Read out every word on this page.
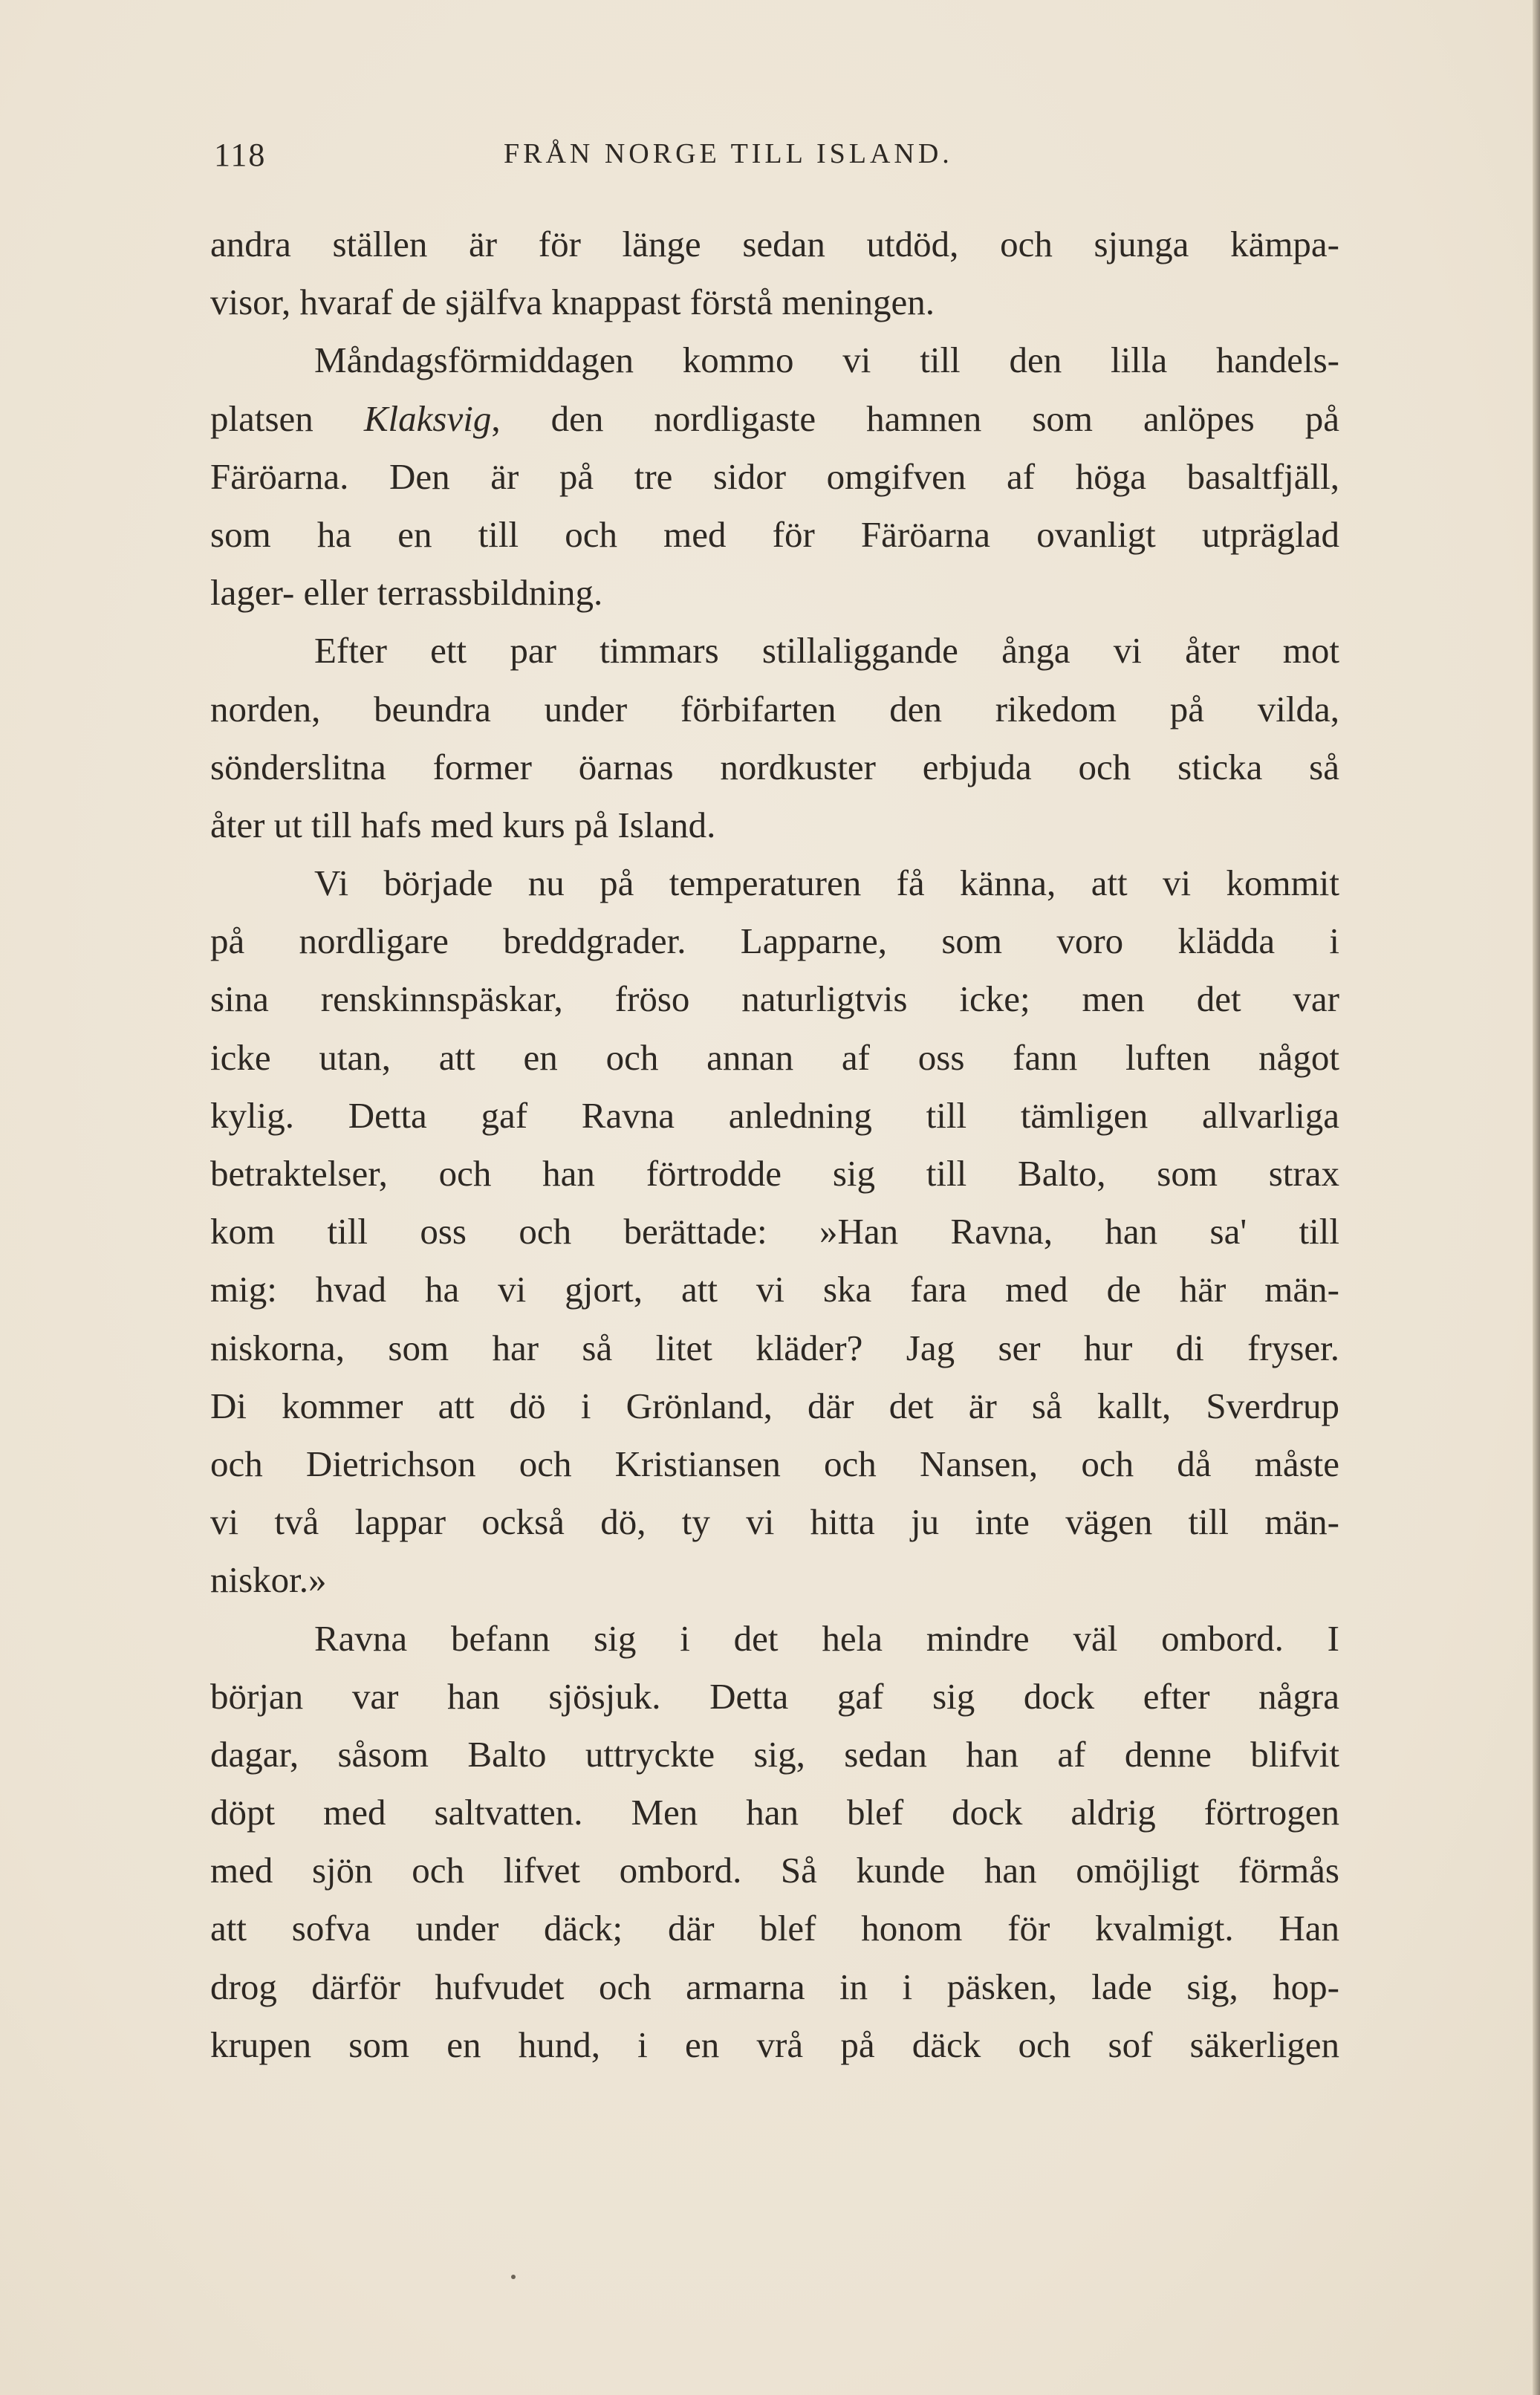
118	FRÅN NORGE TILL ISLAND.
andra ställen är för länge sedan utdöd, och sjunga kämpa-
visor, hvaraf de själfva knappast förstå meningen.
Måndagsförmiddagen kommo vi till den lilla handels-
platsen Klaksvig, den nordligaste hamnen som anlöpes på
Färöarna. Den är på tre sidor omgifven af höga basaltfjäll,
som ha en till och med för Färöarna ovanligt utpräglad
lager- eller terrassbildning.
Efter ett par timmars stillaliggande ånga vi åter mot
norden, beundra under förbifarten den rikedom på vilda,
sönderslitna former öarnas nordkuster erbjuda och sticka så
åter ut till hafs med kurs på Island.
Vi började nu på temperaturen få känna, att vi kommit
på nordligare breddgrader. Lapparne, som voro klädda i
sina renskinnspäskar, fröso naturligtvis icke; men det var
icke utan, att en och annan af oss fann luften något
kylig. Detta gaf Ravna anledning till tämligen allvarliga
betraktelser, och han förtrodde sig till Balto, som strax
kom till oss och berättade: »Han Ravna, han sa' till
mig: hvad ha vi gjort, att vi ska fara med de här män-
niskorna, som har så litet kläder? Jag ser hur di fryser.
Di kommer att dö i Grönland, där det är så kallt, Sverdrup
och Dietrichson och Kristiansen och Nansen, och då måste
vi två lappar också dö, ty vi hitta ju inte vägen till män-
niskor.»
Ravna befann sig i det hela mindre väl ombord. I
början var han sjösjuk. Detta gaf sig dock efter några
dagar, såsom Balto uttryckte sig, sedan han af denne blifvit
döpt med saltvatten. Men han blef dock aldrig förtrogen
med sjön och lifvet ombord. Så kunde han omöjligt förmås
att sofva under däck; där blef honom för kvalmigt. Han
drog därför hufvudet och armarna in i päsken, lade sig, hop-
krupen som en hund, i en vrå på däck och sof säkerligen
